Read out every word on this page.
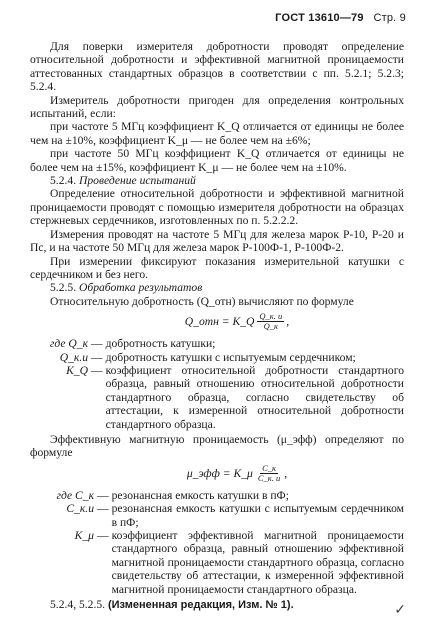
ГОСТ 13610—79 Стр. 9

Для поверки измерителя добротности проводят определение относительной добротности и эффективной магнитной проницаемости аттестованных стандартных образцов в соответствии с пп. 5.2.1; 5.2.3; 5.2.4.

Измеритель добротности пригоден для определения контрольных испытаний, если:

при частоте 5 МГц коэффициент K_Q отличается от единицы не более чем на ±10%, коэффициент K_μ — не более чем на ±6%;

при частоте 50 МГц коэффициент K_Q отличается от единицы не более чем на ±15%, коэффициент K_μ — не более чем на ±10%.

5.2.4. Проведение испытаний

Определение относительной добротности и эффективной магнитной проницаемости проводят с помощью измерителя добротности на образцах стержневых сердечников, изготовленных по п. 5.2.2.2.

Измерения проводят на частоте 5 МГц для железа марок Р-10, Р-20 и Пс, и на частоте 50 МГц для железа марок Р-100Ф-1, Р-100Ф-2.

При измерении фиксируют показания измерительной катушки с сердечником и без него.

5.2.5. Обработка результатов

Относительную добротность (Q_отн) вычисляют по формуле

Q_отн = K_Q $\frac{Q\_к. и}{Q\_к}$ ,
где Q_к — добротность катушки;
Q_к.и — добротность катушки с испытуемым сердечником;
K_Q — коэффициент относительной добротности стандартного образца, равный отношению относительной добротности стандартного образца, согласно свидетельству об аттестации, к измеренной относительной добротности стандартного образца.

Эффективную магнитную проницаемость (μ_эфф) определяют по формуле

μ_эфф = K_μ $\frac{C\_к}{C\_к. и}$ ,
где C_к — резонансная емкость катушки в пФ;
C_к.и — резонансная емкость катушки с испытуемым сердечником в пФ;
K_μ — коэффициент эффективной магнитной проницаемости стандартного образца, равный отношению эффективной магнитной проницаемости стандартного образца, согласно свидетельству об аттестации, к измеренной эффективной магнитной проницаемости стандартного образца.

5.2.4, 5.2.5. (Измененная редакция, Изм. № 1).	✓
